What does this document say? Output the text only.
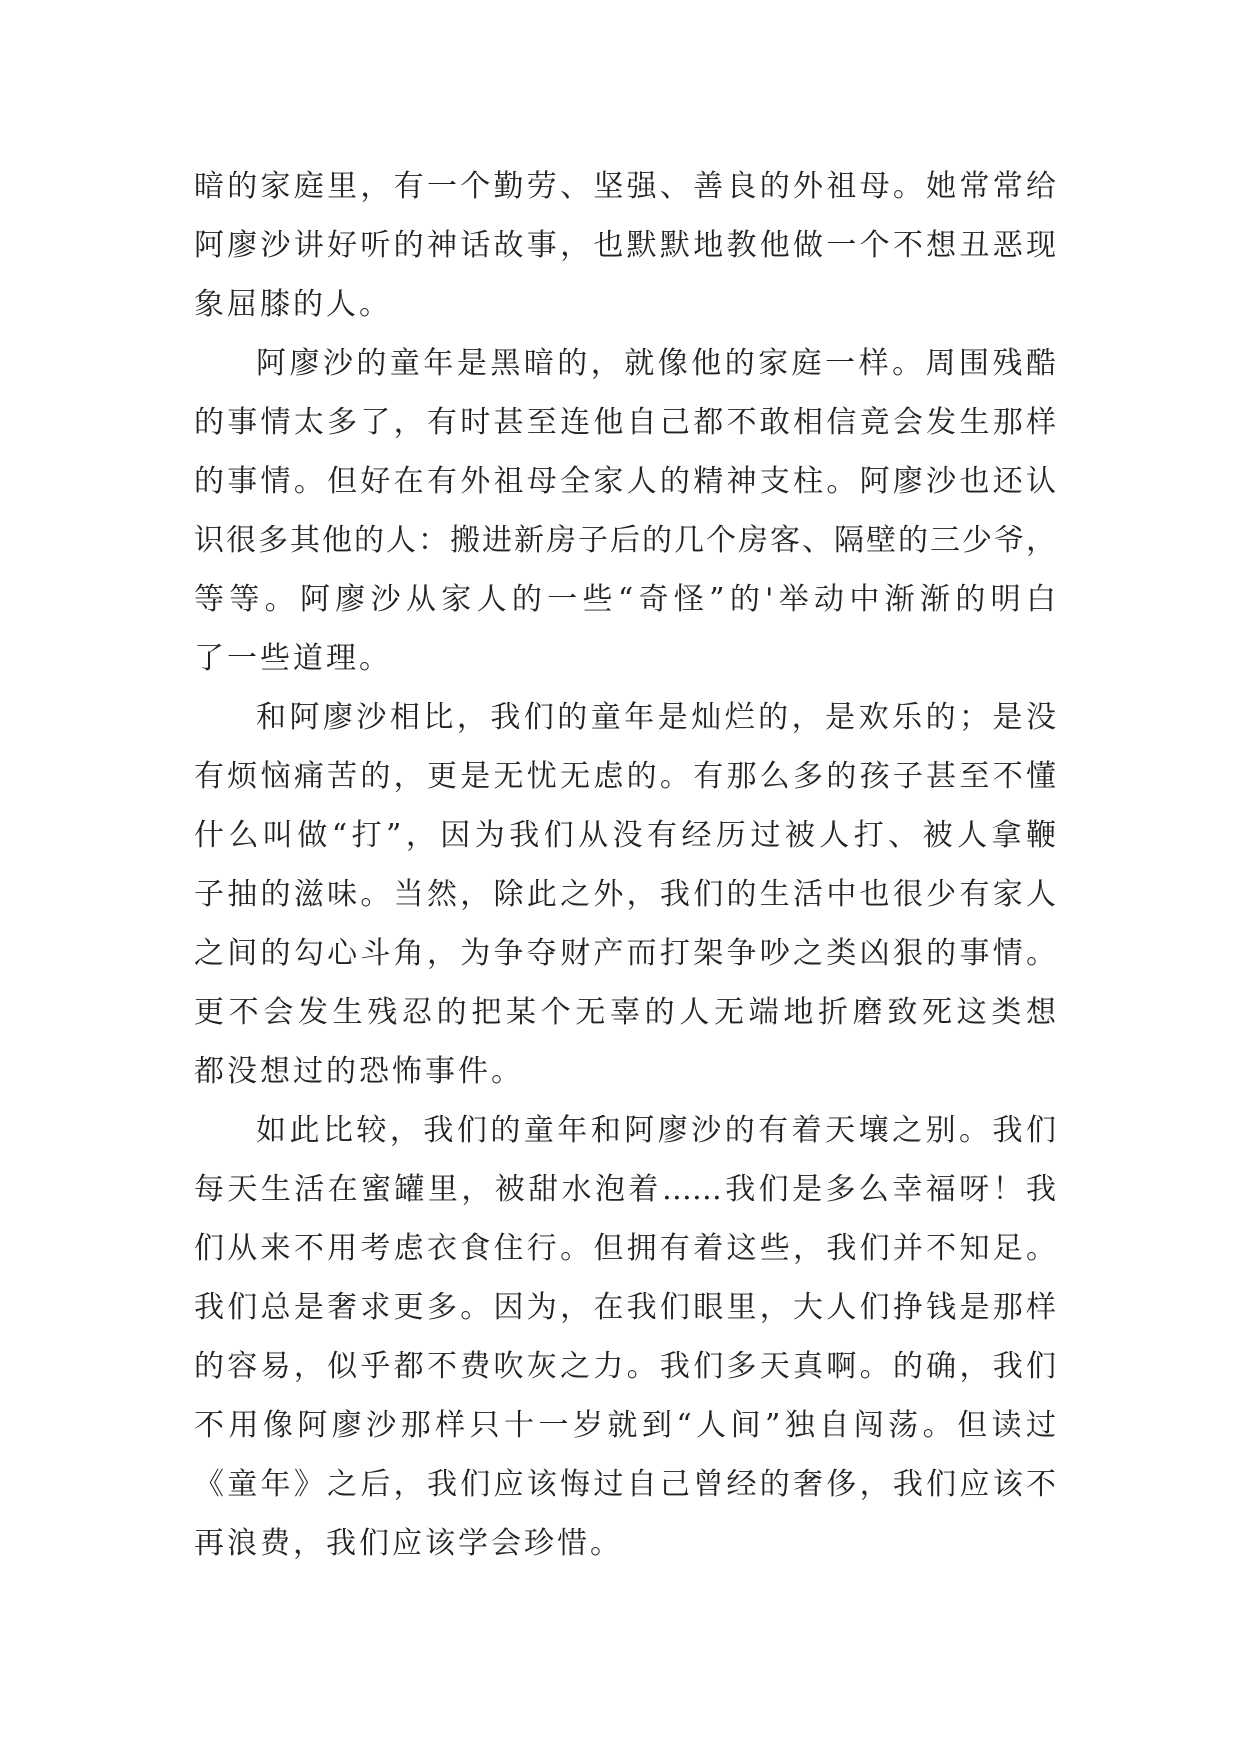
暗的家庭里，有一个勤劳、坚强、善良的外祖母。她常常给
阿廖沙讲好听的神话故事，也默默地教他做一个不想丑恶现
象屈膝的人。
阿廖沙的童年是黑暗的，就像他的家庭一样。周围残酷
的事情太多了，有时甚至连他自己都不敢相信竟会发生那样
的事情。但好在有外祖母全家人的精神支柱。阿廖沙也还认
识很多其他的人：搬进新房子后的几个房客、隔壁的三少爷，
等等。阿廖沙从家人的一些“奇怪”的'举动中渐渐的明白
了一些道理。
和阿廖沙相比，我们的童年是灿烂的，是欢乐的；是没
有烦恼痛苦的，更是无忧无虑的。有那么多的孩子甚至不懂
什么叫做“打”，因为我们从没有经历过被人打、被人拿鞭
子抽的滋味。当然，除此之外，我们的生活中也很少有家人
之间的勾心斗角，为争夺财产而打架争吵之类凶狠的事情。
更不会发生残忍的把某个无辜的人无端地折磨致死这类想
都没想过的恐怖事件。
如此比较，我们的童年和阿廖沙的有着天壤之别。我们
每天生活在蜜罐里，被甜水泡着……我们是多么幸福呀！我
们从来不用考虑衣食住行。但拥有着这些，我们并不知足。
我们总是奢求更多。因为，在我们眼里，大人们挣钱是那样
的容易，似乎都不费吹灰之力。我们多天真啊。的确，我们
不用像阿廖沙那样只十一岁就到“人间”独自闯荡。但读过
《童年》之后，我们应该悔过自己曾经的奢侈，我们应该不
再浪费，我们应该学会珍惜。
